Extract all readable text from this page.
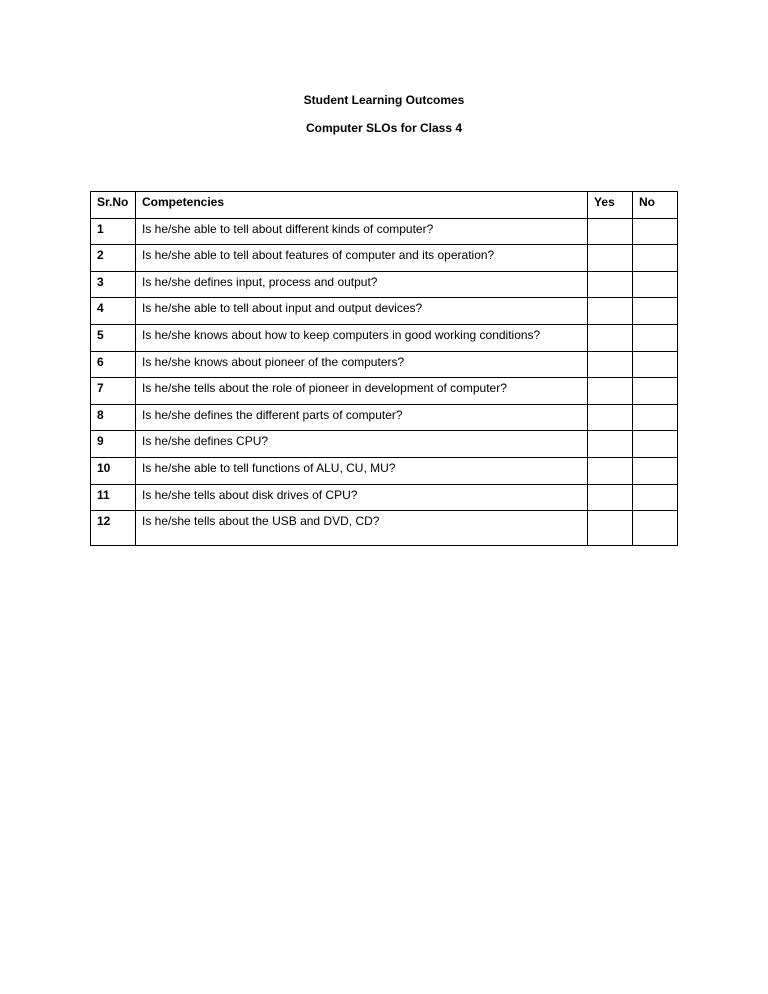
Student Learning Outcomes
Computer SLOs for Class 4
Sr.No	Competencies	Yes	No
1	Is he/she able to tell about different kinds of computer?		
2	Is he/she able to tell about features of computer and its operation?		
3	Is he/she defines input, process and output?		
4	Is he/she able to tell about input and output devices?		
5	Is he/she knows about how to keep computers in good working conditions?		
6	Is he/she knows about pioneer of the computers?		
7	Is he/she tells about the role of pioneer in development of computer?		
8	Is he/she defines the different parts of computer?		
9	Is he/she defines CPU?		
10	Is he/she able to tell functions of ALU, CU, MU?		
11	Is he/she tells about disk drives of CPU?		
12	Is he/she tells about the USB and DVD, CD?		
